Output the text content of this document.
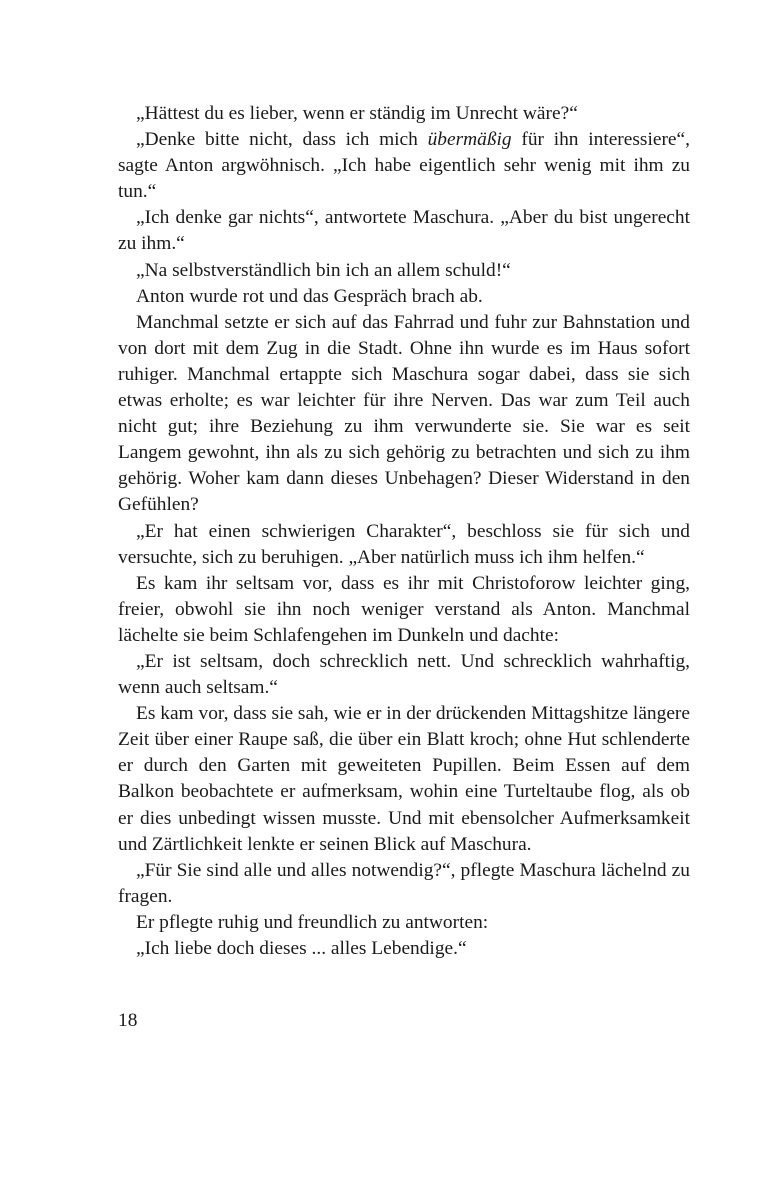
„Hättest du es lieber, wenn er ständig im Unrecht wäre?“

„Denke bitte nicht, dass ich mich übermäßig für ihn interessiere“, sagte Anton argwöhnisch. „Ich habe eigentlich sehr wenig mit ihm zu tun.“

„Ich denke gar nichts“, antwortete Maschura. „Aber du bist ungerecht zu ihm.“

„Na selbstverständlich bin ich an allem schuld!“

Anton wurde rot und das Gespräch brach ab.

Manchmal setzte er sich auf das Fahrrad und fuhr zur Bahnstation und von dort mit dem Zug in die Stadt. Ohne ihn wurde es im Haus sofort ruhiger. Manchmal ertappte sich Maschura sogar dabei, dass sie sich etwas erholte; es war leichter für ihre Nerven. Das war zum Teil auch nicht gut; ihre Beziehung zu ihm verwunderte sie. Sie war es seit Langem gewohnt, ihn als zu sich gehörig zu betrachten und sich zu ihm gehörig. Woher kam dann dieses Unbehagen? Dieser Widerstand in den Gefühlen?

„Er hat einen schwierigen Charakter“, beschloss sie für sich und versuchte, sich zu beruhigen. „Aber natürlich muss ich ihm helfen.“

Es kam ihr seltsam vor, dass es ihr mit Christoforow leichter ging, freier, obwohl sie ihn noch weniger verstand als Anton. Manchmal lächelte sie beim Schlafengehen im Dunkeln und dachte:

„Er ist seltsam, doch schrecklich nett. Und schrecklich wahrhaftig, wenn auch seltsam.“

Es kam vor, dass sie sah, wie er in der drückenden Mittagshitze längere Zeit über einer Raupe saß, die über ein Blatt kroch; ohne Hut schlenderte er durch den Garten mit geweiteten Pupillen. Beim Essen auf dem Balkon beobachtete er aufmerksam, wohin eine Turteltaube flog, als ob er dies unbedingt wissen musste. Und mit ebensolcher Aufmerksamkeit und Zärtlichkeit lenkte er seinen Blick auf Maschura.

„Für Sie sind alle und alles notwendig?“, pflegte Maschura lächelnd zu fragen.

Er pflegte ruhig und freundlich zu antworten:

„Ich liebe doch dieses ... alles Lebendige.“

18
